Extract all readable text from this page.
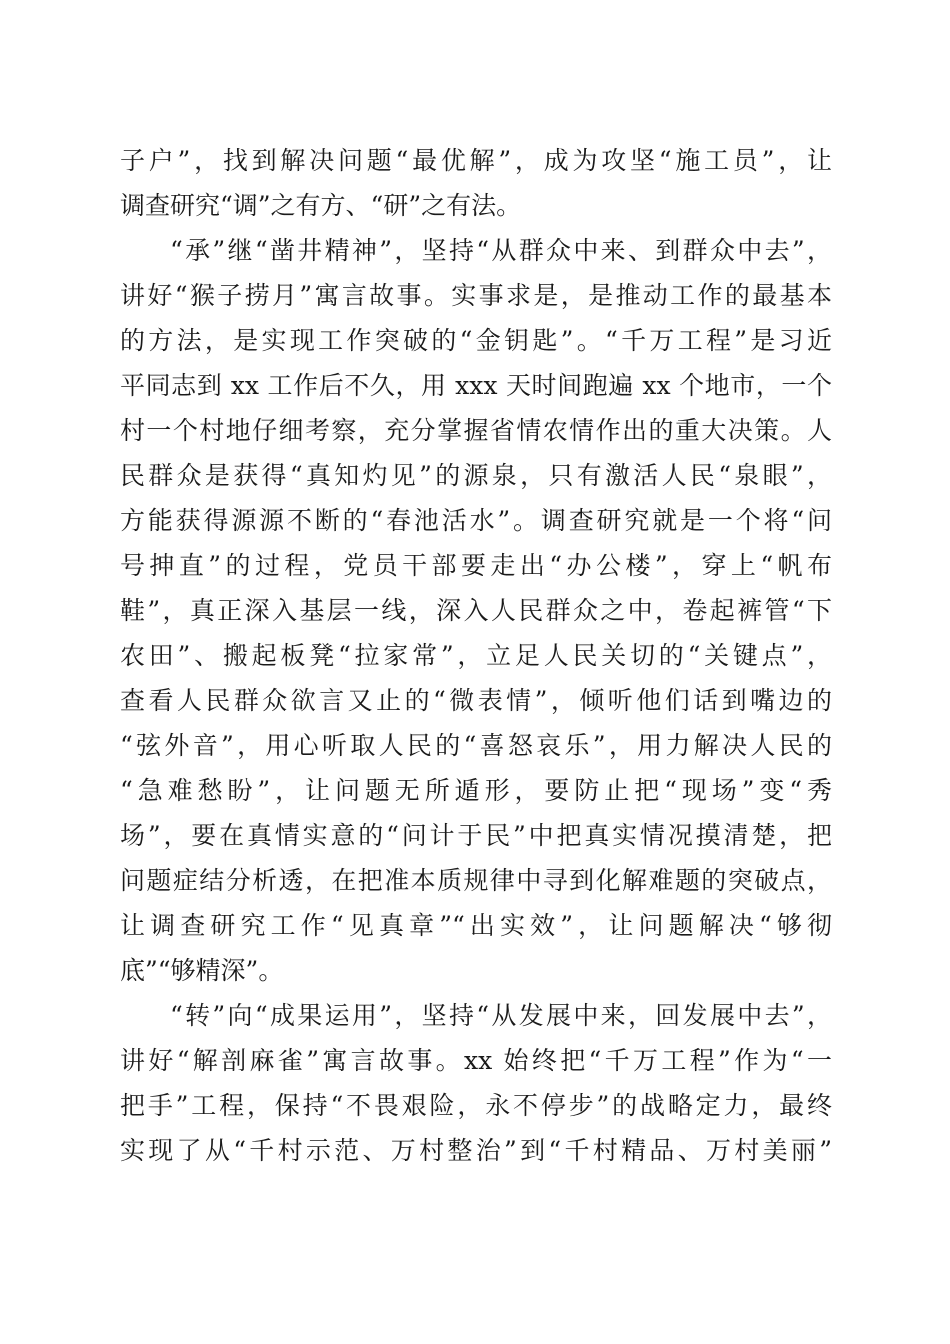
子户”，找到解决问题“最优解”，成为攻坚“施工员”，让
调查研究“调”之有方、“研”之有法。
“承”继“凿井精神”，坚持“从群众中来、到群众中去”，
讲好“猴子捞月”寓言故事。实事求是，是推动工作的最基本
的方法，是实现工作突破的“金钥匙”。“千万工程”是习近
平同志到 xx 工作后不久，用 xxx 天时间跑遍 xx 个地市，一个
村一个村地仔细考察，充分掌握省情农情作出的重大决策。人
民群众是获得“真知灼见”的源泉，只有激活人民“泉眼”，
方能获得源源不断的“春池活水”。调查研究就是一个将“问
号抻直”的过程，党员干部要走出“办公楼”，穿上“帆布
鞋”，真正深入基层一线，深入人民群众之中，卷起裤管“下
农田”、搬起板凳“拉家常”，立足人民关切的“关键点”，
查看人民群众欲言又止的“微表情”，倾听他们话到嘴边的
“弦外音”，用心听取人民的“喜怒哀乐”，用力解决人民的
“急难愁盼”，让问题无所遁形，要防止把“现场”变“秀
场”，要在真情实意的“问计于民”中把真实情况摸清楚，把
问题症结分析透，在把准本质规律中寻到化解难题的突破点，
让调查研究工作“见真章”“出实效”，让问题解决“够彻
底”“够精深”。
“转”向“成果运用”，坚持“从发展中来，回发展中去”，
讲好“解剖麻雀”寓言故事。xx 始终把“千万工程”作为“一
把手”工程，保持“不畏艰险，永不停步”的战略定力，最终
实现了从“千村示范、万村整治”到“千村精品、万村美丽”
